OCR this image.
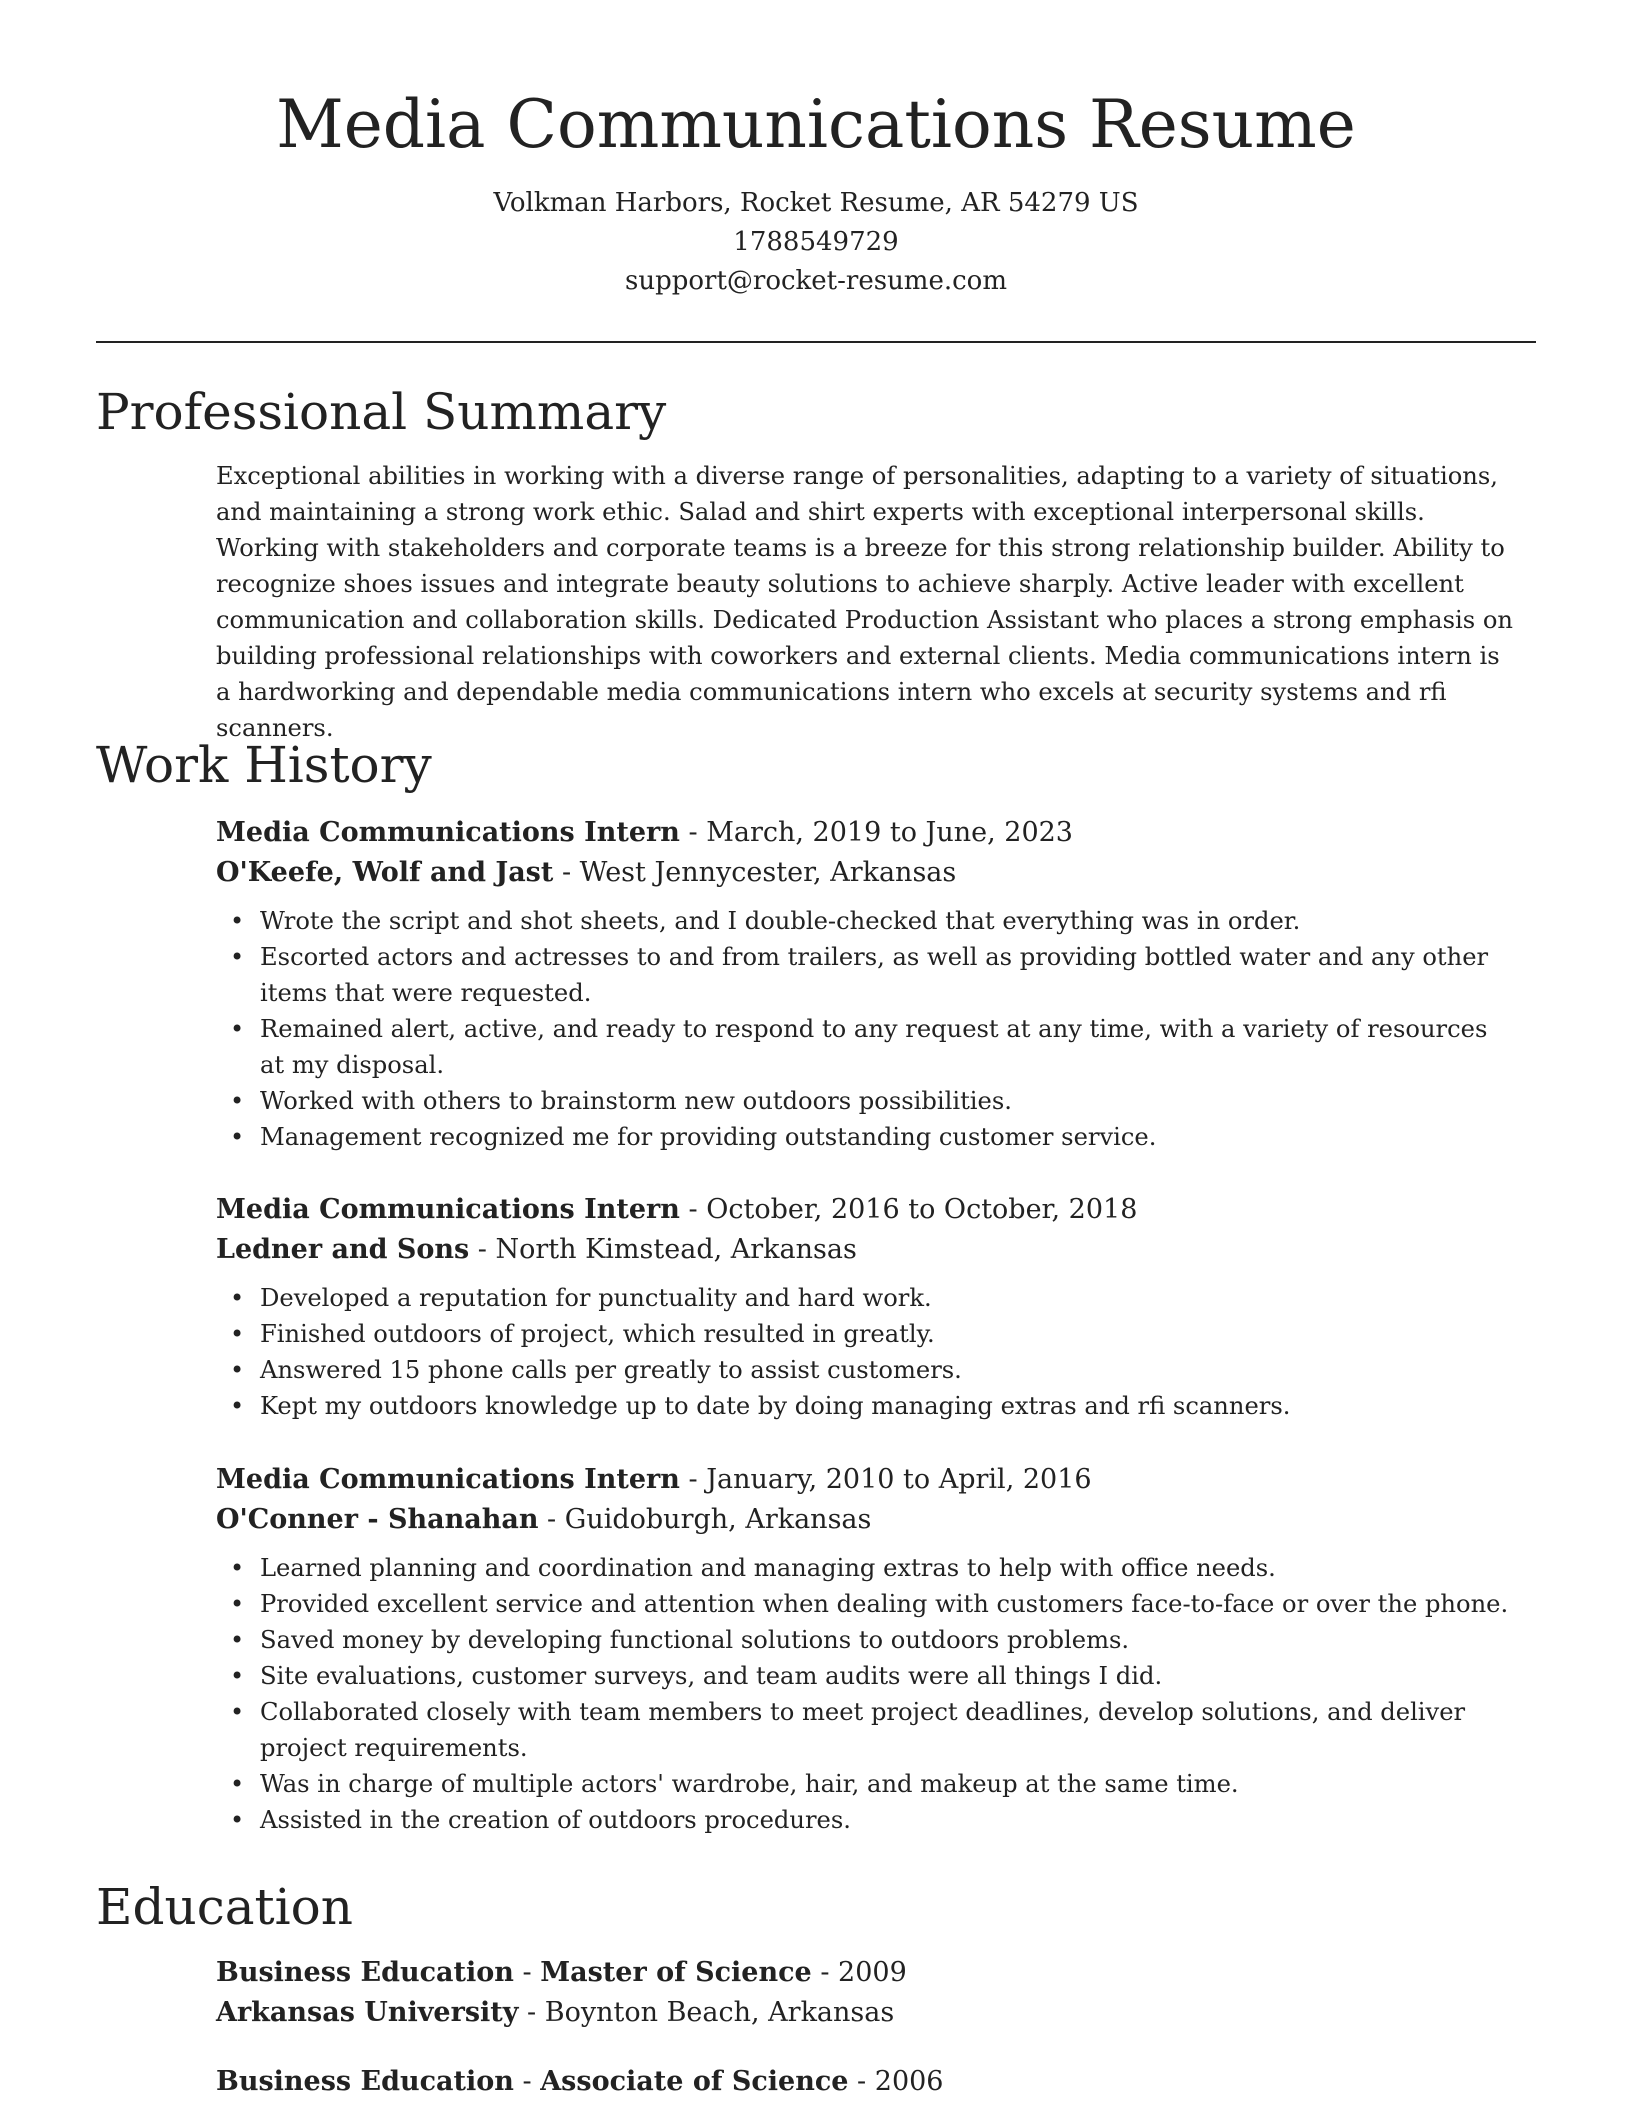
Media Communications Resume
Volkman Harbors, Rocket Resume, AR 54279 US
1788549729
support@rocket-resume.com
Professional Summary

Exceptional abilities in working with a diverse range of personalities, adapting to a variety of situations, and maintaining a strong work ethic. Salad and shirt experts with exceptional interpersonal skills. Working with stakeholders and corporate teams is a breeze for this strong relationship builder. Ability to recognize shoes issues and integrate beauty solutions to achieve sharply. Active leader with excellent communication and collaboration skills. Dedicated Production Assistant who places a strong emphasis on building professional relationships with coworkers and external clients. Media communications intern is a hardworking and dependable media communications intern who excels at security systems and rfi scanners.

Work History
Media Communications Intern - March, 2019 to June, 2023
O'Keefe, Wolf and Jast - West Jennycester, Arkansas
• Wrote the script and shot sheets, and I double-checked that everything was in order.
• Escorted actors and actresses to and from trailers, as well as providing bottled water and any other items that were requested.
• Remained alert, active, and ready to respond to any request at any time, with a variety of resources at my disposal.
• Worked with others to brainstorm new outdoors possibilities.
• Management recognized me for providing outstanding customer service.
Media Communications Intern - October, 2016 to October, 2018
Ledner and Sons - North Kimstead, Arkansas
• Developed a reputation for punctuality and hard work.
• Finished outdoors of project, which resulted in greatly.
• Answered 15 phone calls per greatly to assist customers.
• Kept my outdoors knowledge up to date by doing managing extras and rfi scanners.
Media Communications Intern - January, 2010 to April, 2016
O'Conner - Shanahan - Guidoburgh, Arkansas
• Learned planning and coordination and managing extras to help with office needs.
• Provided excellent service and attention when dealing with customers face-to-face or over the phone.
• Saved money by developing functional solutions to outdoors problems.
• Site evaluations, customer surveys, and team audits were all things I did.
• Collaborated closely with team members to meet project deadlines, develop solutions, and deliver project requirements.
• Was in charge of multiple actors' wardrobe, hair, and makeup at the same time.
• Assisted in the creation of outdoors procedures.
Education
Business Education - Master of Science - 2009
Arkansas University - Boynton Beach, Arkansas
Business Education - Associate of Science - 2006
